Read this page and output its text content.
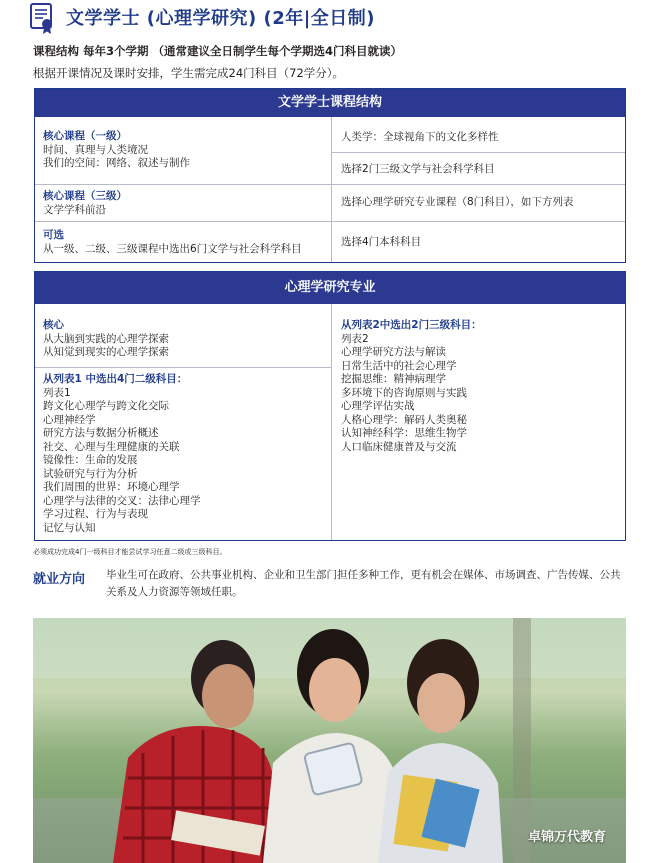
文学学士 (心理学研究) (2年|全日制)
课程结构 每年3个学期 （通常建议全日制学生每个学期选4门科目就读）
根据开课情况及课时安排，学生需完成24门科目（72学分）。
文学学士课程结构
核心课程（一级）
时间、真理与人类境况
我们的空间：网络、叙述与制作
人类学：全球视角下的文化多样性
选择2门三级文学与社会科学科目
核心课程（三级）
文学学科前沿
选择心理学研究专业课程（8门科目），如下方列表
可选
从一级、二级、三级课程中选出6门文学与社会科学科目
选择4门本科科目
心理学研究专业
核心
从大脑到实践的心理学探索
从知觉到现实的心理学探索
从列表1 中选出4门二级科目：
列表1
跨文化心理学与跨文化交际
心理神经学
研究方法与数据分析概述
社交、心理与生理健康的关联
镜像性：生命的发展
试验研究与行为分析
我们周围的世界：环境心理学
心理学与法律的交叉：法律心理学
学习过程、行为与表现
记忆与认知
从列表2中选出2门三级科目：
列表2
心理学研究方法与解读
日常生活中的社会心理学
挖掘思维：精神病理学
多环境下的咨询原则与实践
心理学评估实战
人格心理学：解码人类奥秘
认知神经科学：思维生物学
人口临床健康普及与交流
必须成功完成4门一级科目才能尝试学习任意二级或三级科目。
就业方向 毕业生可在政府、公共事业机构、企业和卫生部门担任多种工作，更有机会在媒体、市场调查、广告传媒、公共关系及人力资源等领域任职。
卓锦万代教育
